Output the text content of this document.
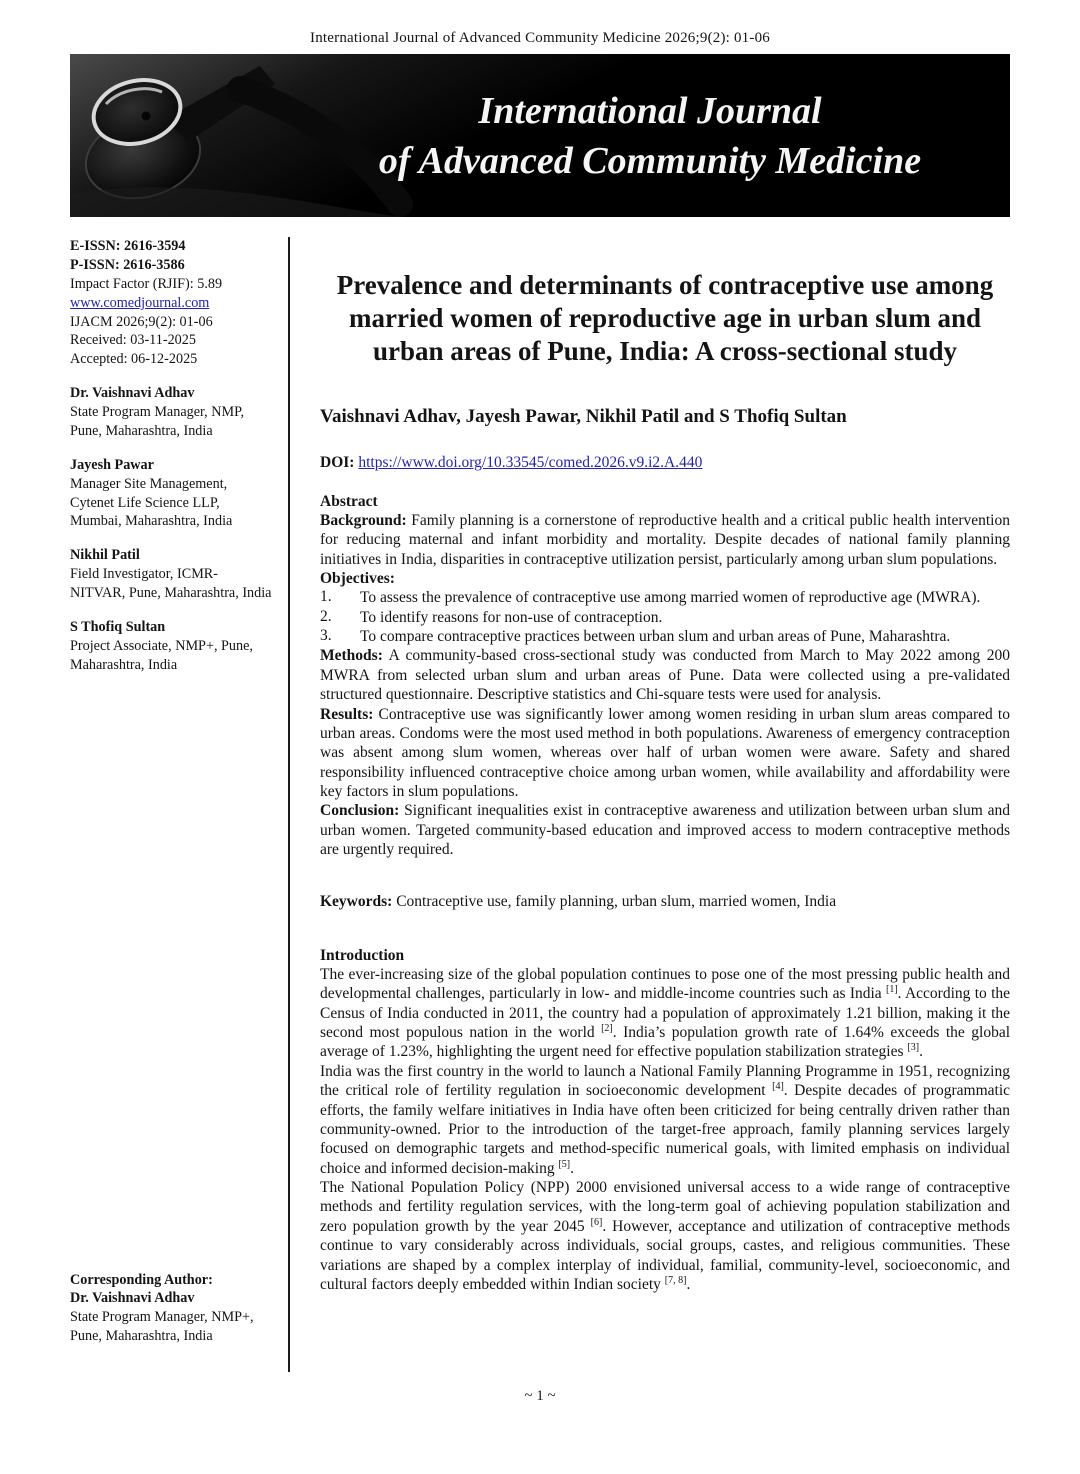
International Journal of Advanced Community Medicine 2026;9(2): 01-06
International Journal
of Advanced Community Medicine

E-ISSN: 2616-3594

P-ISSN: 2616-3586

Impact Factor (RJIF): 5.89

www.comedjournal.com

IJACM 2026;9(2): 01-06

Received: 03-11-2025

Accepted: 06-12-2025

Dr. Vaishnavi Adhav

State Program Manager, NMP, Pune, Maharashtra, India

Jayesh Pawar

Manager Site Management, Cytenet Life Science LLP, Mumbai, Maharashtra, India

Nikhil Patil

Field Investigator, ICMR-NITVAR, Pune, Maharashtra, India

S Thofiq Sultan

Project Associate, NMP+, Pune, Maharashtra, India

Corresponding Author:

Dr. Vaishnavi Adhav

State Program Manager, NMP+, Pune, Maharashtra, India

Prevalence and determinants of contraceptive use among married women of reproductive age in urban slum and urban areas of Pune, India: A cross-sectional study
Vaishnavi Adhav, Jayesh Pawar, Nikhil Patil and S Thofiq Sultan
DOI: https://www.doi.org/10.33545/comed.2026.v9.i2.A.440
Abstract

Background: Family planning is a cornerstone of reproductive health and a critical public health intervention for reducing maternal and infant morbidity and mortality. Despite decades of national family planning initiatives in India, disparities in contraceptive utilization persist, particularly among urban slum populations.

Objectives:
1.	To assess the prevalence of contraceptive use among married women of reproductive age (MWRA).
2.	To identify reasons for non-use of contraception.
3.	To compare contraceptive practices between urban slum and urban areas of Pune, Maharashtra.

Methods: A community-based cross-sectional study was conducted from March to May 2022 among 200 MWRA from selected urban slum and urban areas of Pune. Data were collected using a pre-validated structured questionnaire. Descriptive statistics and Chi-square tests were used for analysis.

Results: Contraceptive use was significantly lower among women residing in urban slum areas compared to urban areas. Condoms were the most used method in both populations. Awareness of emergency contraception was absent among slum women, whereas over half of urban women were aware. Safety and shared responsibility influenced contraceptive choice among urban women, while availability and affordability were key factors in slum populations.

Conclusion: Significant inequalities exist in contraceptive awareness and utilization between urban slum and urban women. Targeted community-based education and improved access to modern contraceptive methods are urgently required.

Keywords: Contraceptive use, family planning, urban slum, married women, India

Introduction

The ever-increasing size of the global population continues to pose one of the most pressing public health and developmental challenges, particularly in low- and middle-income countries such as India [1]. According to the Census of India conducted in 2011, the country had a population of approximately 1.21 billion, making it the second most populous nation in the world [2]. India’s population growth rate of 1.64% exceeds the global average of 1.23%, highlighting the urgent need for effective population stabilization strategies [3].

India was the first country in the world to launch a National Family Planning Programme in 1951, recognizing the critical role of fertility regulation in socioeconomic development [4]. Despite decades of programmatic efforts, the family welfare initiatives in India have often been criticized for being centrally driven rather than community-owned. Prior to the introduction of the target-free approach, family planning services largely focused on demographic targets and method-specific numerical goals, with limited emphasis on individual choice and informed decision-making [5].

The National Population Policy (NPP) 2000 envisioned universal access to a wide range of contraceptive methods and fertility regulation services, with the long-term goal of achieving population stabilization and zero population growth by the year 2045 [6]. However, acceptance and utilization of contraceptive methods continue to vary considerably across individuals, social groups, castes, and religious communities. These variations are shaped by a complex interplay of individual, familial, community-level, socioeconomic, and cultural factors deeply embedded within Indian society [7, 8].

~ 1 ~
